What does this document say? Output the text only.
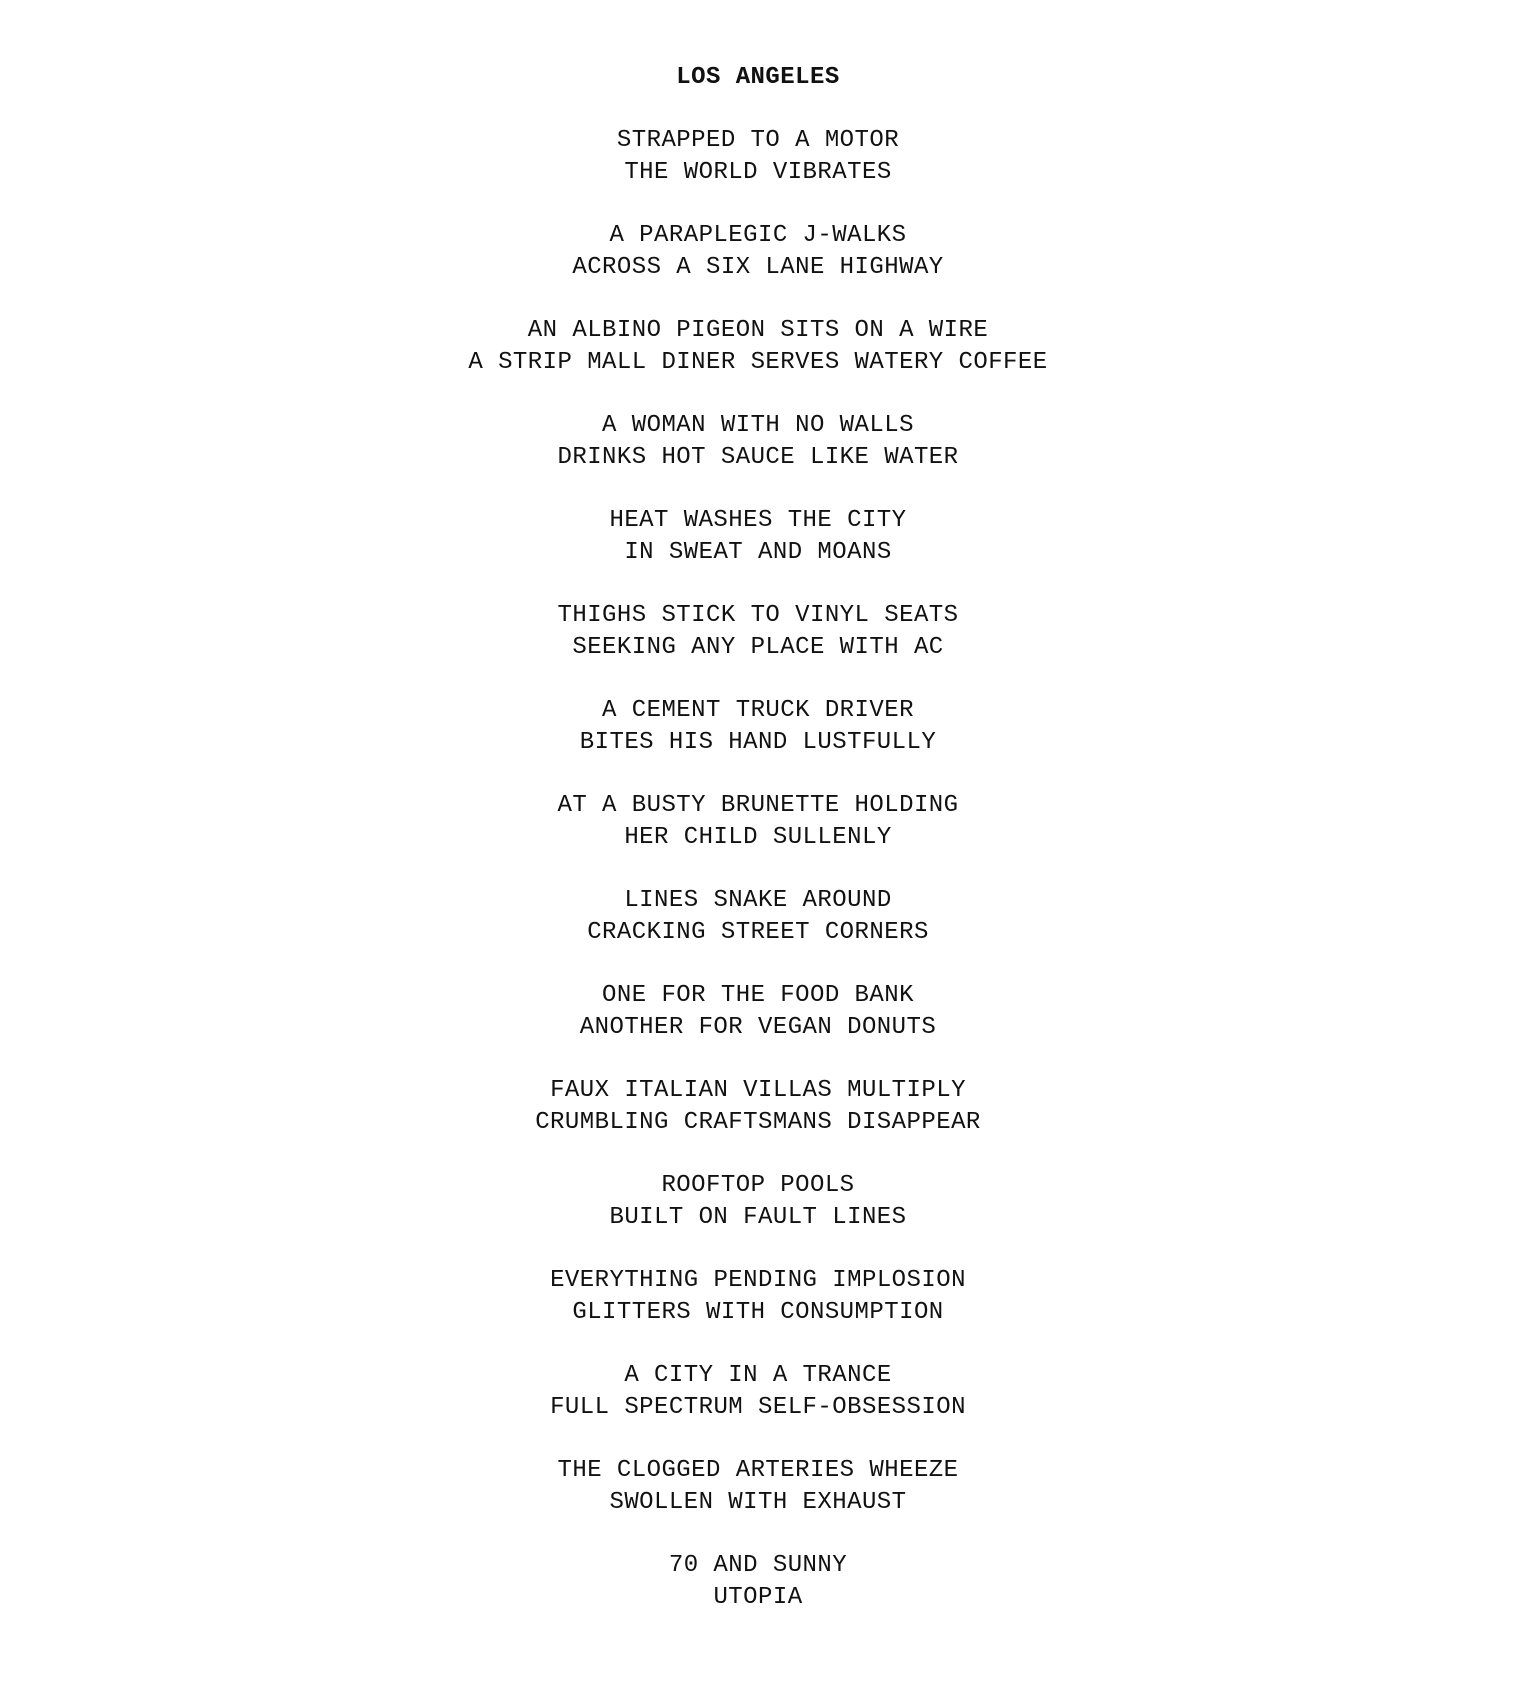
LOS ANGELES
STRAPPED TO A MOTOR
THE WORLD VIBRATES
A PARAPLEGIC J-WALKS
ACROSS A SIX LANE HIGHWAY
AN ALBINO PIGEON SITS ON A WIRE
A STRIP MALL DINER SERVES WATERY COFFEE
A WOMAN WITH NO WALLS
DRINKS HOT SAUCE LIKE WATER
HEAT WASHES THE CITY
IN SWEAT AND MOANS
THIGHS STICK TO VINYL SEATS
SEEKING ANY PLACE WITH AC
A CEMENT TRUCK DRIVER
BITES HIS HAND LUSTFULLY
AT A BUSTY BRUNETTE HOLDING
HER CHILD SULLENLY
LINES SNAKE AROUND
CRACKING STREET CORNERS
ONE FOR THE FOOD BANK
ANOTHER FOR VEGAN DONUTS
FAUX ITALIAN VILLAS MULTIPLY
CRUMBLING CRAFTSMANS DISAPPEAR
ROOFTOP POOLS
BUILT ON FAULT LINES
EVERYTHING PENDING IMPLOSION
GLITTERS WITH CONSUMPTION
A CITY IN A TRANCE
FULL SPECTRUM SELF-OBSESSION
THE CLOGGED ARTERIES WHEEZE
SWOLLEN WITH EXHAUST
70 AND SUNNY
UTOPIA
